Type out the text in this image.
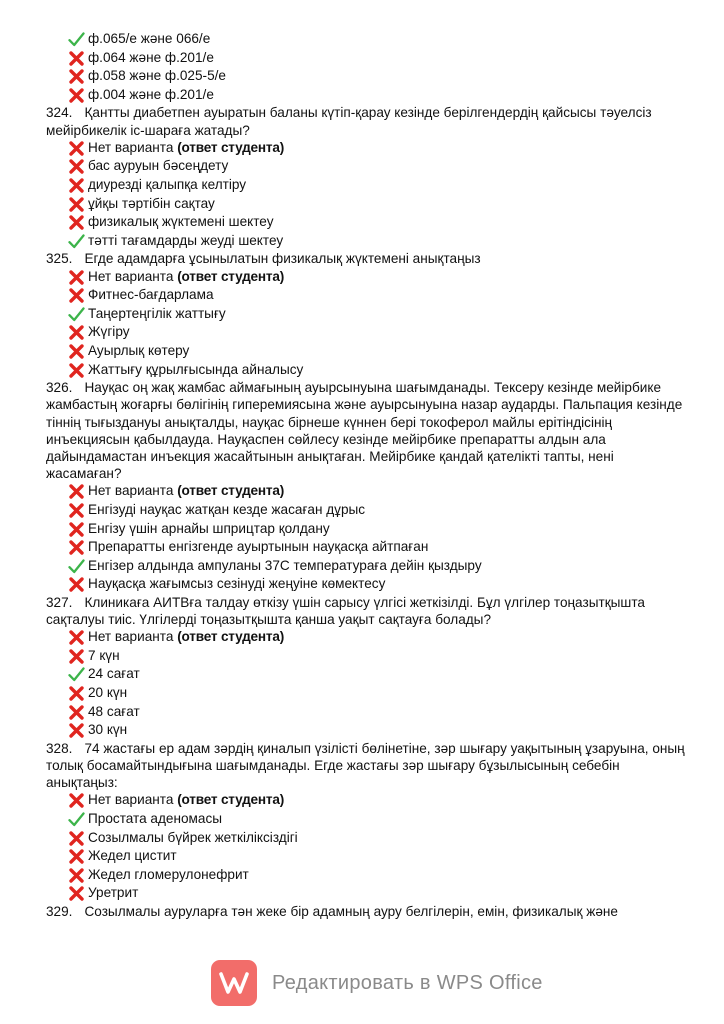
ф.065/е және 066/е
ф.064 және ф.201/е
ф.058 және ф.025-5/е
ф.004 және ф.201/е
324. Қантты диабетпен ауыратын баланы күтіп-қарау кезінде берілгендердің қайсысы тәуелсіз мейірбикелік іс-шараға жатады?
Нет варианта (ответ студента)
бас ауруын бәсеңдету
диурезді қалыпқа келтіру
ұйқы тәртібін сақтау
физикалық жүктемені шектеу
тәтті тағамдарды жеуді шектеу
325. Егде адамдарға ұсынылатын физикалық жүктемені анықтаңыз
Нет варианта (ответ студента)
Фитнес-бағдарлама
Таңертеңгілік жаттығу
Жүгіру
Ауырлық көтеру
Жаттығу құрылғысында айналысу
326. Науқас оң жақ жамбас аймағының ауырсынуына шағымданады. Тексеру кезінде мейірбике жамбастың жоғарғы бөлігінің гиперемиясына және ауырсынуына назар аударды. Пальпация кезінде тіннің тығыздануы анықталды, науқас бірнеше күннен бері токоферол майлы ерітіндісінің инъекциясын қабылдауда. Науқаспен сөйлесу кезінде мейірбике препаратты алдын ала дайындамастан инъекция жасайтынын анықтаған. Мейірбике қандай қателікті тапты, нені жасамаған?
Нет варианта (ответ студента)
Енгізуді науқас жатқан кезде жасаған дұрыс
Енгізу үшін арнайы шприцтар қолдану
Препаратты енгізгенде ауыртынын науқасқа айтпаған
Енгізер алдында ампуланы 37С температураға дейін қыздыру
Науқасқа жағымсыз сезінуді жеңуіне көмектесу
327. Клиникаға АИТВға талдау өткізу үшін сарысу үлгісі жеткізілді. Бұл үлгілер тоңазытқышта сақталуы тиіс. Үлгілерді тоңазытқышта қанша уақыт сақтауға болады?
Нет варианта (ответ студента)
7 күн
24 сағат
20 күн
48 сағат
30 күн
328. 74 жастағы ер адам зәрдің қиналып үзілісті бөлінетіне, зәр шығару уақытының ұзаруына, оның толық босамайтындығына шағымданады. Егде жастағы зәр шығару бұзылысының себебін анықтаңыз:
Нет варианта (ответ студента)
Простата аденомасы
Созылмалы бүйрек жеткіліксіздігі
Жедел цистит
Жедел гломерулонефрит
Уретрит
329. Созылмалы ауруларға тән жеке бір адамның ауру белгілерін, емін, физикалық және
Редактировать в WPS Office
